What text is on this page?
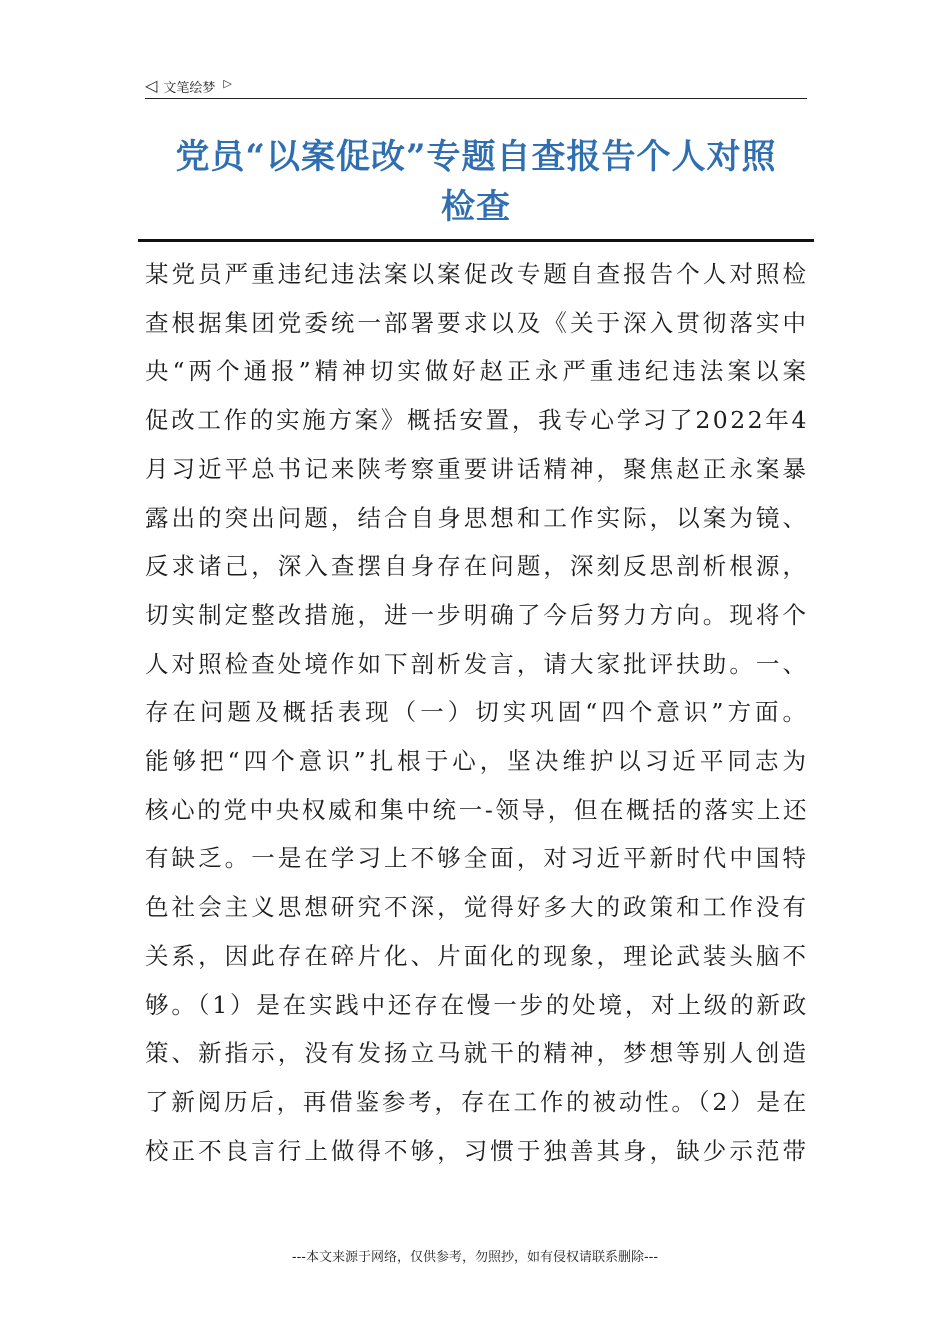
◁ 文笔绘梦 ▷
党员“以案促改”专题自查报告个人对照
检查
某党员严重违纪违法案以案促改专题自查报告个人对照检
查根据集团党委统一部署要求以及《关于深入贯彻落实中
央“两个通报”精神切实做好赵正永严重违纪违法案以案
促改工作的实施方案》概括安置，我专心学习了2022年4
月习近平总书记来陕考察重要讲话精神，聚焦赵正永案暴
露出的突出问题，结合自身思想和工作实际，以案为镜、
反求诸己，深入查摆自身存在问题，深刻反思剖析根源，
切实制定整改措施，进一步明确了今后努力方向。现将个
人对照检查处境作如下剖析发言，请大家批评扶助。一、
存在问题及概括表现（一）切实巩固“四个意识”方面。
能够把“四个意识”扎根于心，坚决维护以习近平同志为
核心的党中央权威和集中统一-领导，但在概括的落实上还
有缺乏。一是在学习上不够全面，对习近平新时代中国特
色社会主义思想研究不深，觉得好多大的政策和工作没有
关系，因此存在碎片化、片面化的现象，理论武装头脑不
够。（1）是在实践中还存在慢一步的处境，对上级的新政
策、新指示，没有发扬立马就干的精神，梦想等别人创造
了新阅历后，再借鉴参考，存在工作的被动性。（2）是在
校正不良言行上做得不够，习惯于独善其身，缺少示范带
---本文来源于网络，仅供参考，勿照抄，如有侵权请联系删除---
